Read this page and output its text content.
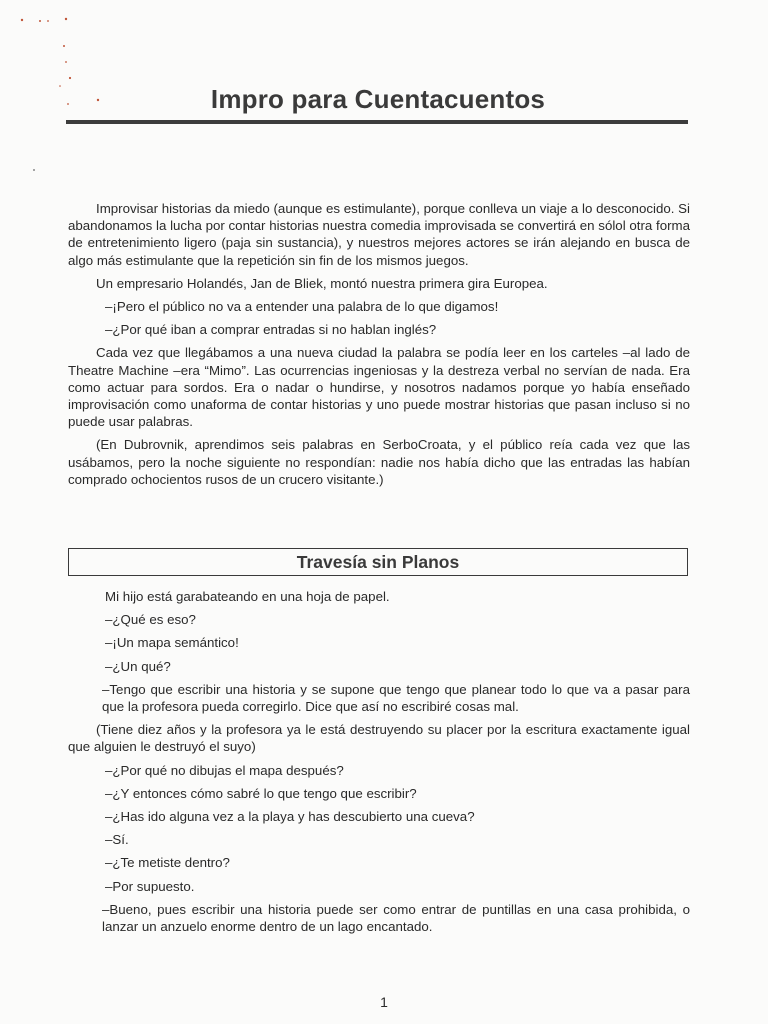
Impro para Cuentacuentos

Improvisar historias da miedo (aunque es estimulante), porque conlleva un viaje a lo desconocido. Si abandonamos la lucha por contar historias nuestra comedia improvisada se convertirá en sólol otra forma de entretenimiento ligero (paja sin sustancia), y nuestros mejores actores se irán alejando en busca de algo más estimulante que la repetición sin fin de los mismos juegos.

Un empresario Holandés, Jan de Bliek, montó nuestra primera gira Europea.

–¡Pero el público no va a entender una palabra de lo que digamos!

–¿Por qué iban a comprar entradas si no hablan inglés?

Cada vez que llegábamos a una nueva ciudad la palabra se podía leer en los carteles –al lado de Theatre Machine –era “Mimo”. Las ocurrencias ingeniosas y la destreza verbal no servían de nada. Era como actuar para sordos. Era o nadar o hundirse, y nosotros nadamos porque yo había enseñado improvisación como unaforma de contar historias y uno puede mostrar historias que pasan incluso si no puede usar palabras.

(En Dubrovnik, aprendimos seis palabras en SerboCroata, y el público reía cada vez que las usábamos, pero la noche siguiente no respondían: nadie nos había dicho que las entradas las habían comprado ochocientos rusos de un crucero visitante.)

Travesía sin Planos

Mi hijo está garabateando en una hoja de papel.

–¿Qué es eso?

–¡Un mapa semántico!

–¿Un qué?

–Tengo que escribir una historia y se supone que tengo que planear todo lo que va a pasar para que la profesora pueda corregirlo. Dice que así no escribiré cosas mal.

(Tiene diez años y la profesora ya le está destruyendo su placer por la escritura exactamente igual que alguien le destruyó el suyo)

–¿Por qué no dibujas el mapa después?

–¿Y entonces cómo sabré lo que tengo que escribir?

–¿Has ido alguna vez a la playa y has descubierto una cueva?

–Sí.

–¿Te metiste dentro?

–Por supuesto.

–Bueno, pues escribir una historia puede ser como entrar de puntillas en una casa prohibida, o lanzar un anzuelo enorme dentro de un lago encantado.

1
